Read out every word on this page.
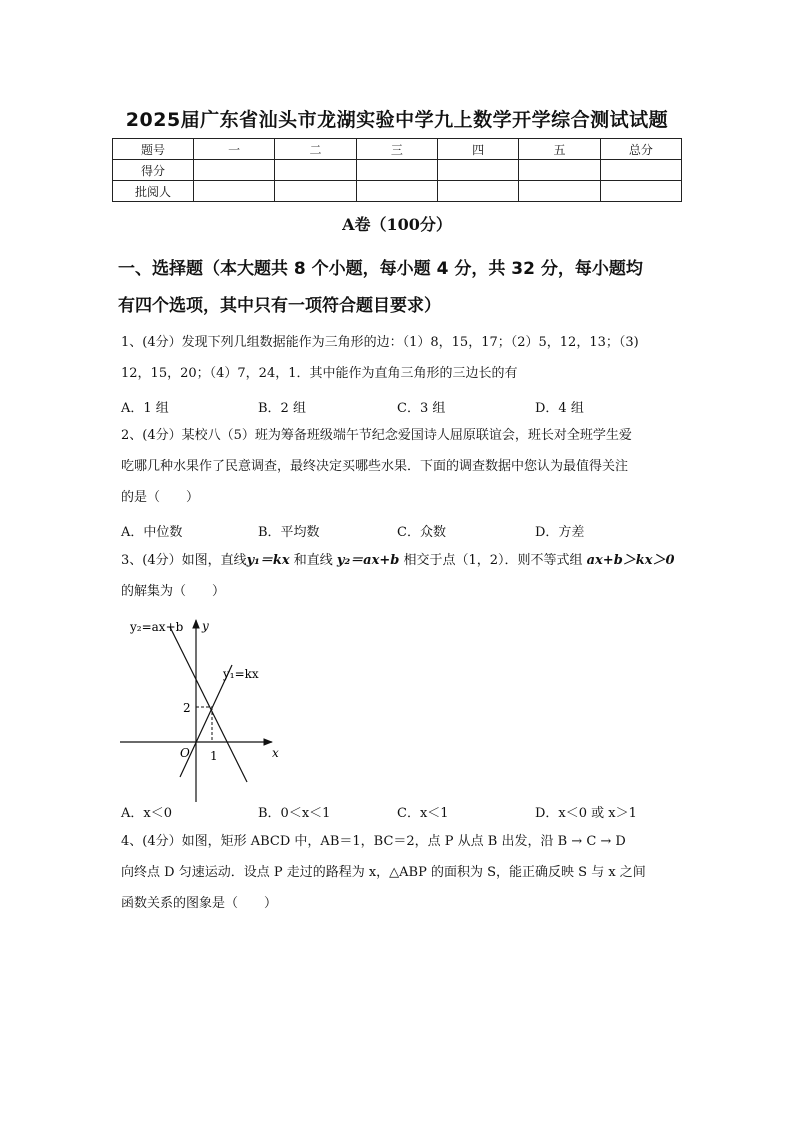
2025届广东省汕头市龙湖实验中学九上数学开学综合测试试题
题号	一	二	三	四	五	总分
得分						
批阅人						
A卷（100分）
一、选择题（本大题共 8 个小题，每小题 4 分，共 32 分，每小题均
有四个选项，其中只有一项符合题目要求）
1、(4分）发现下列几组数据能作为三角形的边：（1）8，15，17；（2）5，12，13；（3)
12，15，20；（4）7，24，1．其中能作为直角三角形的三边长的有
A．1 组	B．2 组	C．3 组	D．4 组
2、(4分）某校八（5）班为筹备班级端午节纪念爱国诗人屈原联谊会，班长对全班学生爱
吃哪几种水果作了民意调查，最终决定买哪些水果．下面的调查数据中您认为最值得关注
的是（　　）
A．中位数	B．平均数	C．众数	D．方差
3、(4分）如图，直线y₁＝kx 和直线 y₂＝ax+b 相交于点（1，2）．则不等式组 ax+b＞kx＞0
的解集为（　　）
y₂=ax+b y
y₁=kx
2
O 1	x
A．x＜0	B．0＜x＜1	C．x＜1	D．x＜0 或 x＞1
4、(4分）如图，矩形 ABCD 中，AB＝1，BC＝2，点 P 从点 B 出发，沿 B → C → D
向终点 D 匀速运动．设点 P 走过的路程为 x，△ABP 的面积为 S，能正确反映 S 与 x 之间
函数关系的图象是（　　）
